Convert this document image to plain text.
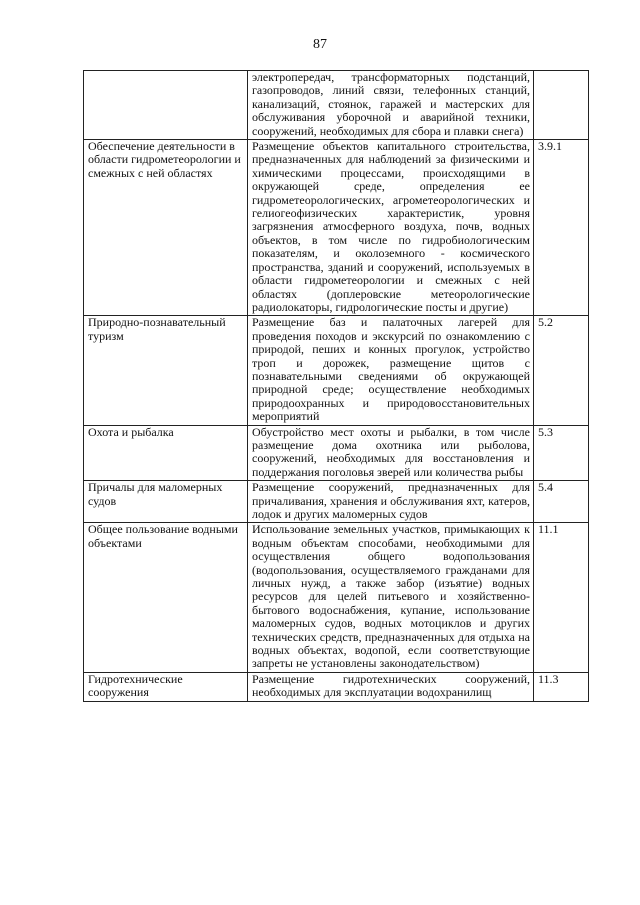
87
	электропередач, трансформаторных подстанций, газопроводов, линий связи, телефонных станций, канализаций, стоянок, гаражей и мастерских для обслуживания уборочной и аварийной техники, сооружений, необходимых для сбора и плавки снега)	
Обеспечение деятельности в области гидрометеорологии и смежных с ней областях	Размещение объектов капитального строительства, предназначенных для наблюдений за физическими и химическими процессами, происходящими в окружающей среде, определения ее гидрометеорологических, агрометеорологических и гелиогеофизических характеристик, уровня загрязнения атмосферного воздуха, почв, водных объектов, в том числе по гидробиологическим показателям, и околоземного - космического пространства, зданий и сооружений, используемых в области гидрометеорологии и смежных с ней областях (доплеровские метеорологические радиолокаторы, гидрологические посты и другие)	3.9.1
Природно-познавательный туризм	Размещение баз и палаточных лагерей для проведения походов и экскурсий по ознакомлению с природой, пеших и конных прогулок, устройство троп и дорожек, размещение щитов с познавательными сведениями об окружающей природной среде; осуществление необходимых природоохранных и природовосстановительных мероприятий	5.2
Охота и рыбалка	Обустройство мест охоты и рыбалки, в том числе размещение дома охотника или рыболова, сооружений, необходимых для восстановления и поддержания поголовья зверей или количества рыбы	5.3
Причалы для маломерных судов	Размещение сооружений, предназначенных для причаливания, хранения и обслуживания яхт, катеров, лодок и других маломерных судов	5.4
Общее пользование водными объектами	Использование земельных участков, примыкающих к водным объектам способами, необходимыми для осуществления общего водопользования (водопользования, осуществляемого гражданами для личных нужд, а также забор (изъятие) водных ресурсов для целей питьевого и хозяйственно-бытового водоснабжения, купание, использование маломерных судов, водных мотоциклов и других технических средств, предназначенных для отдыха на водных объектах, водопой, если соответствующие запреты не установлены законодательством)	11.1
Гидротехнические сооружения	Размещение гидротехнических сооружений, необходимых для эксплуатации водохранилищ	11.3
